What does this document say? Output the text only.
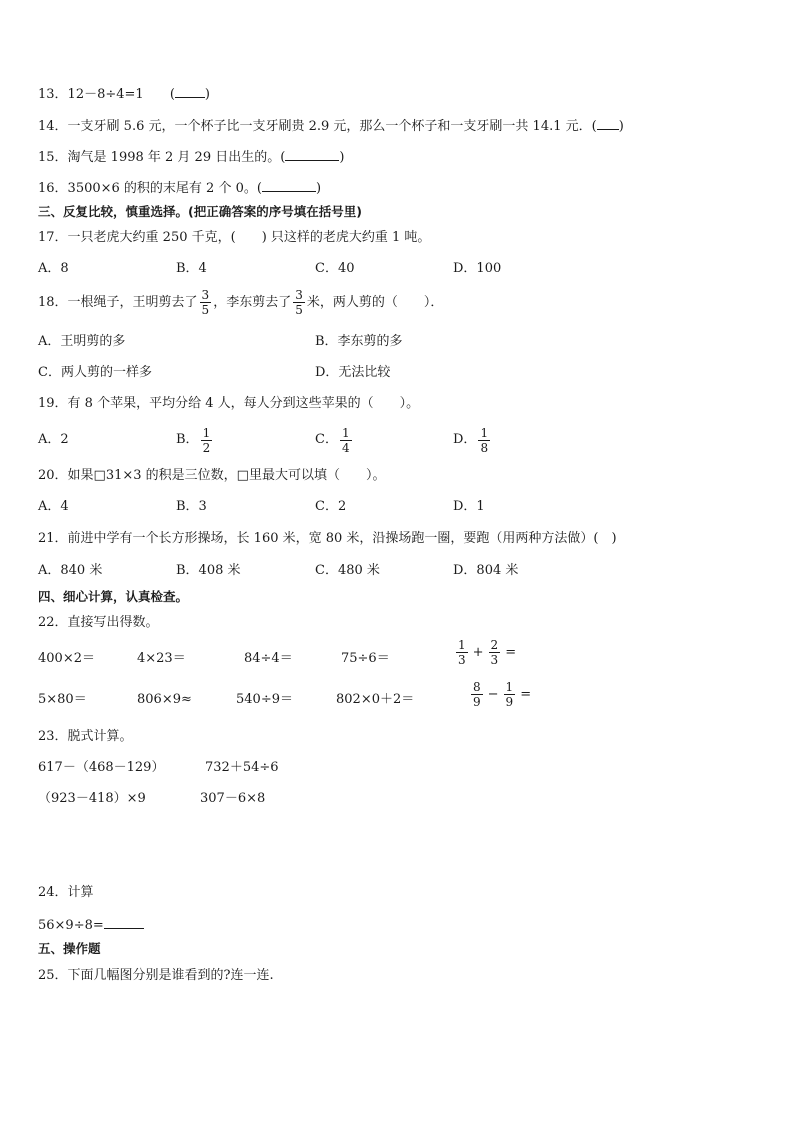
13．12－8÷4=1 ( )
14．一支牙刷 5.6 元，一个杯子比一支牙刷贵 2.9 元，那么一个杯子和一支牙刷一共 14.1 元．( )
15．淘气是 1998 年 2 月 29 日出生的。(	)
16．3500×6 的积的末尾有 2 个 0。(	)
三、反复比较，慎重选择。(把正确答案的序号填在括号里)
17．一只老虎大约重 250 千克，(　　) 只这样的老虎大约重 1 吨。
A．8	B．4	C．40	D．100
18．一根绳子，王明剪去了 $\frac{3}{5}$ ，李东剪去了 $\frac{3}{5}$ 米 ，两人剪的（　　）．
A．王明剪的多	B．李东剪的多
C．两人剪的一样多	D．无法比较
19．有 8 个苹果，平均分给 4 人，每人分到这些苹果的（　　）。
A．2	B． $\frac{1}{2}$	C． $\frac{1}{4}$	D． $\frac{1}{8}$
20．如果□31×3 的积是三位数，□里最大可以填（　　）。
A．4	B．3	C．2	D．1
21．前进中学有一个长方形操场，长 160 米，宽 80 米，沿操场跑一圈，要跑（用两种方法做）(　)
A．840 米	B．408 米	C．480 米	D．804 米
四、细心计算，认真检查。
22．直接写出得数。
400×2＝	4×23＝	84÷4＝	75÷6＝	$\frac{1}{3} + \frac{2}{3}$ =
5×80＝	806×9≈	540÷9＝	802×0＋2＝	$\frac{8}{9} - \frac{1}{9}$ =
23．脱式计算。
617－（468－129）	732＋54÷6
（923－418）×9	307－6×8
24．计算
56×9÷8=
五、操作题
25．下面几幅图分别是谁看到的?连一连.
